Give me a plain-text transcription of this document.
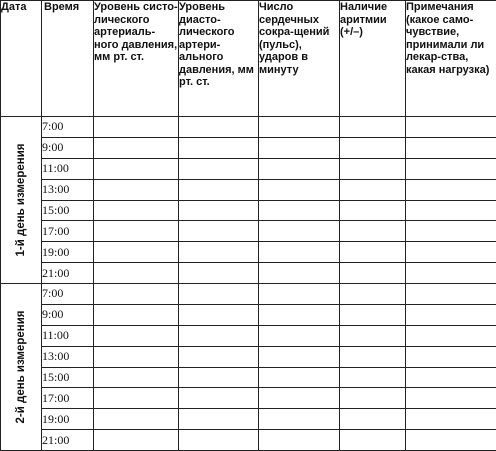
Дата	Время	Уровень систо-лического артериаль-ного давления, мм рт. ст.	Уровень диасто-лического артери-ального давления, мм рт. ст.	Число сердечных сокра-щений (пульс), ударов в минуту	Наличие аритмии (+/–)	Примечания (какое само-чувствие, принимали ли лекар-ства, какая нагрузка)

1-й день измерения	7:00					
	9:00					
	11:00					
	13:00					
	15:00					
	17:00					
	19:00					
	21:00					

2-й день измерения	7:00					
	9:00					
	11:00					
	13:00					
	15:00					
	17:00					
	19:00					
	21:00					
